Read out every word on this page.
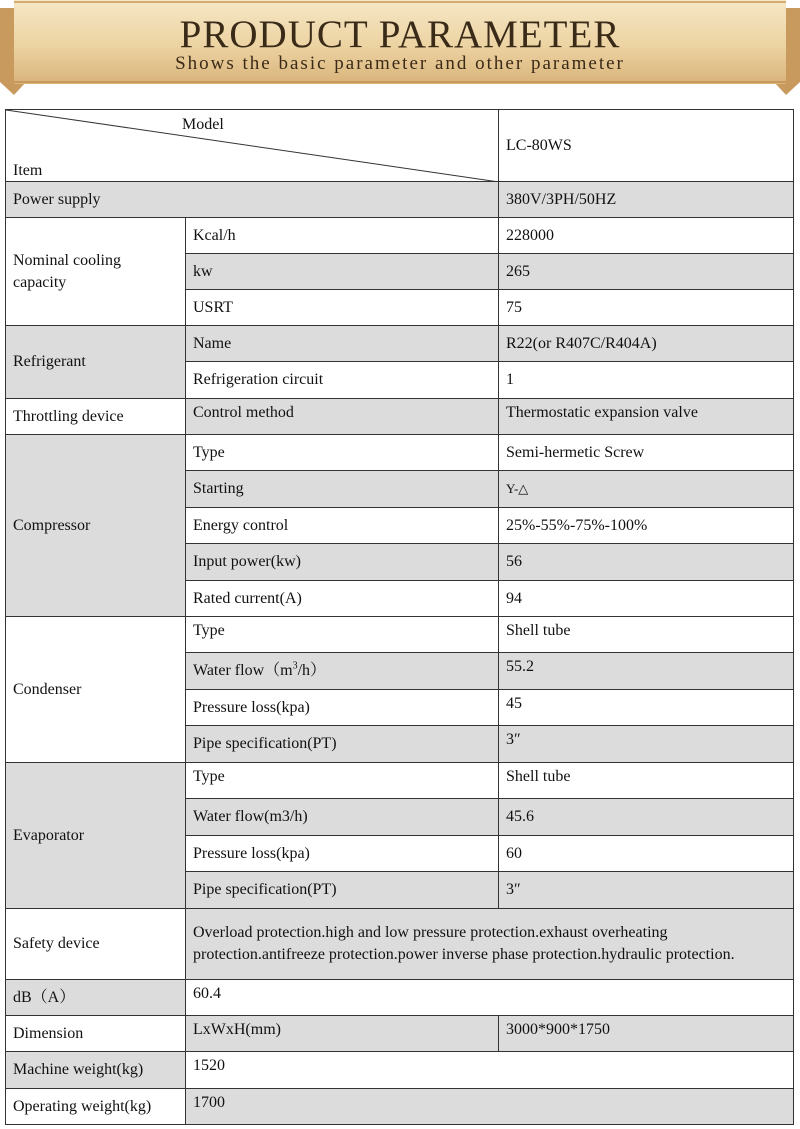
PRODUCT PARAMETER
Shows the basic parameter and other parameter
Model
Item		LC-80WS
Power supply		380V/3PH/50HZ
Nominal cooling capacity	Kcal/h	228000
	kw	265
	USRT	75
Refrigerant	Name	R22(or R407C/R404A)
	Refrigeration circuit	1
Throttling device	Control method	Thermostatic expansion valve
Compressor	Type	Semi-hermetic Screw
	Starting	Y-△
	Energy control	25%-55%-75%-100%
	Input power(kw)	56
	Rated current(A)	94
Condenser	Type	Shell tube
	Water $flow(m^3/h)$	55.2
	Pressure loss(kpa)	45
	Pipe specification(PT)	3″
Evaporator	Type	Shell tube
	Water flow(m3/h)	45.6
	Pressure loss(kpa)	60
	Pipe specification(PT)	3″
Safety device	Overload protection.high and low pressure protection.exhaust overheating protection.antifreeze protection.power inverse phase protection.hydraulic protection.	
dB（A）	60.4	
Dimension	LxWxH(mm)	3000*900*1750
Machine weight(kg)	1520	
Operating weight(kg)	1700	
